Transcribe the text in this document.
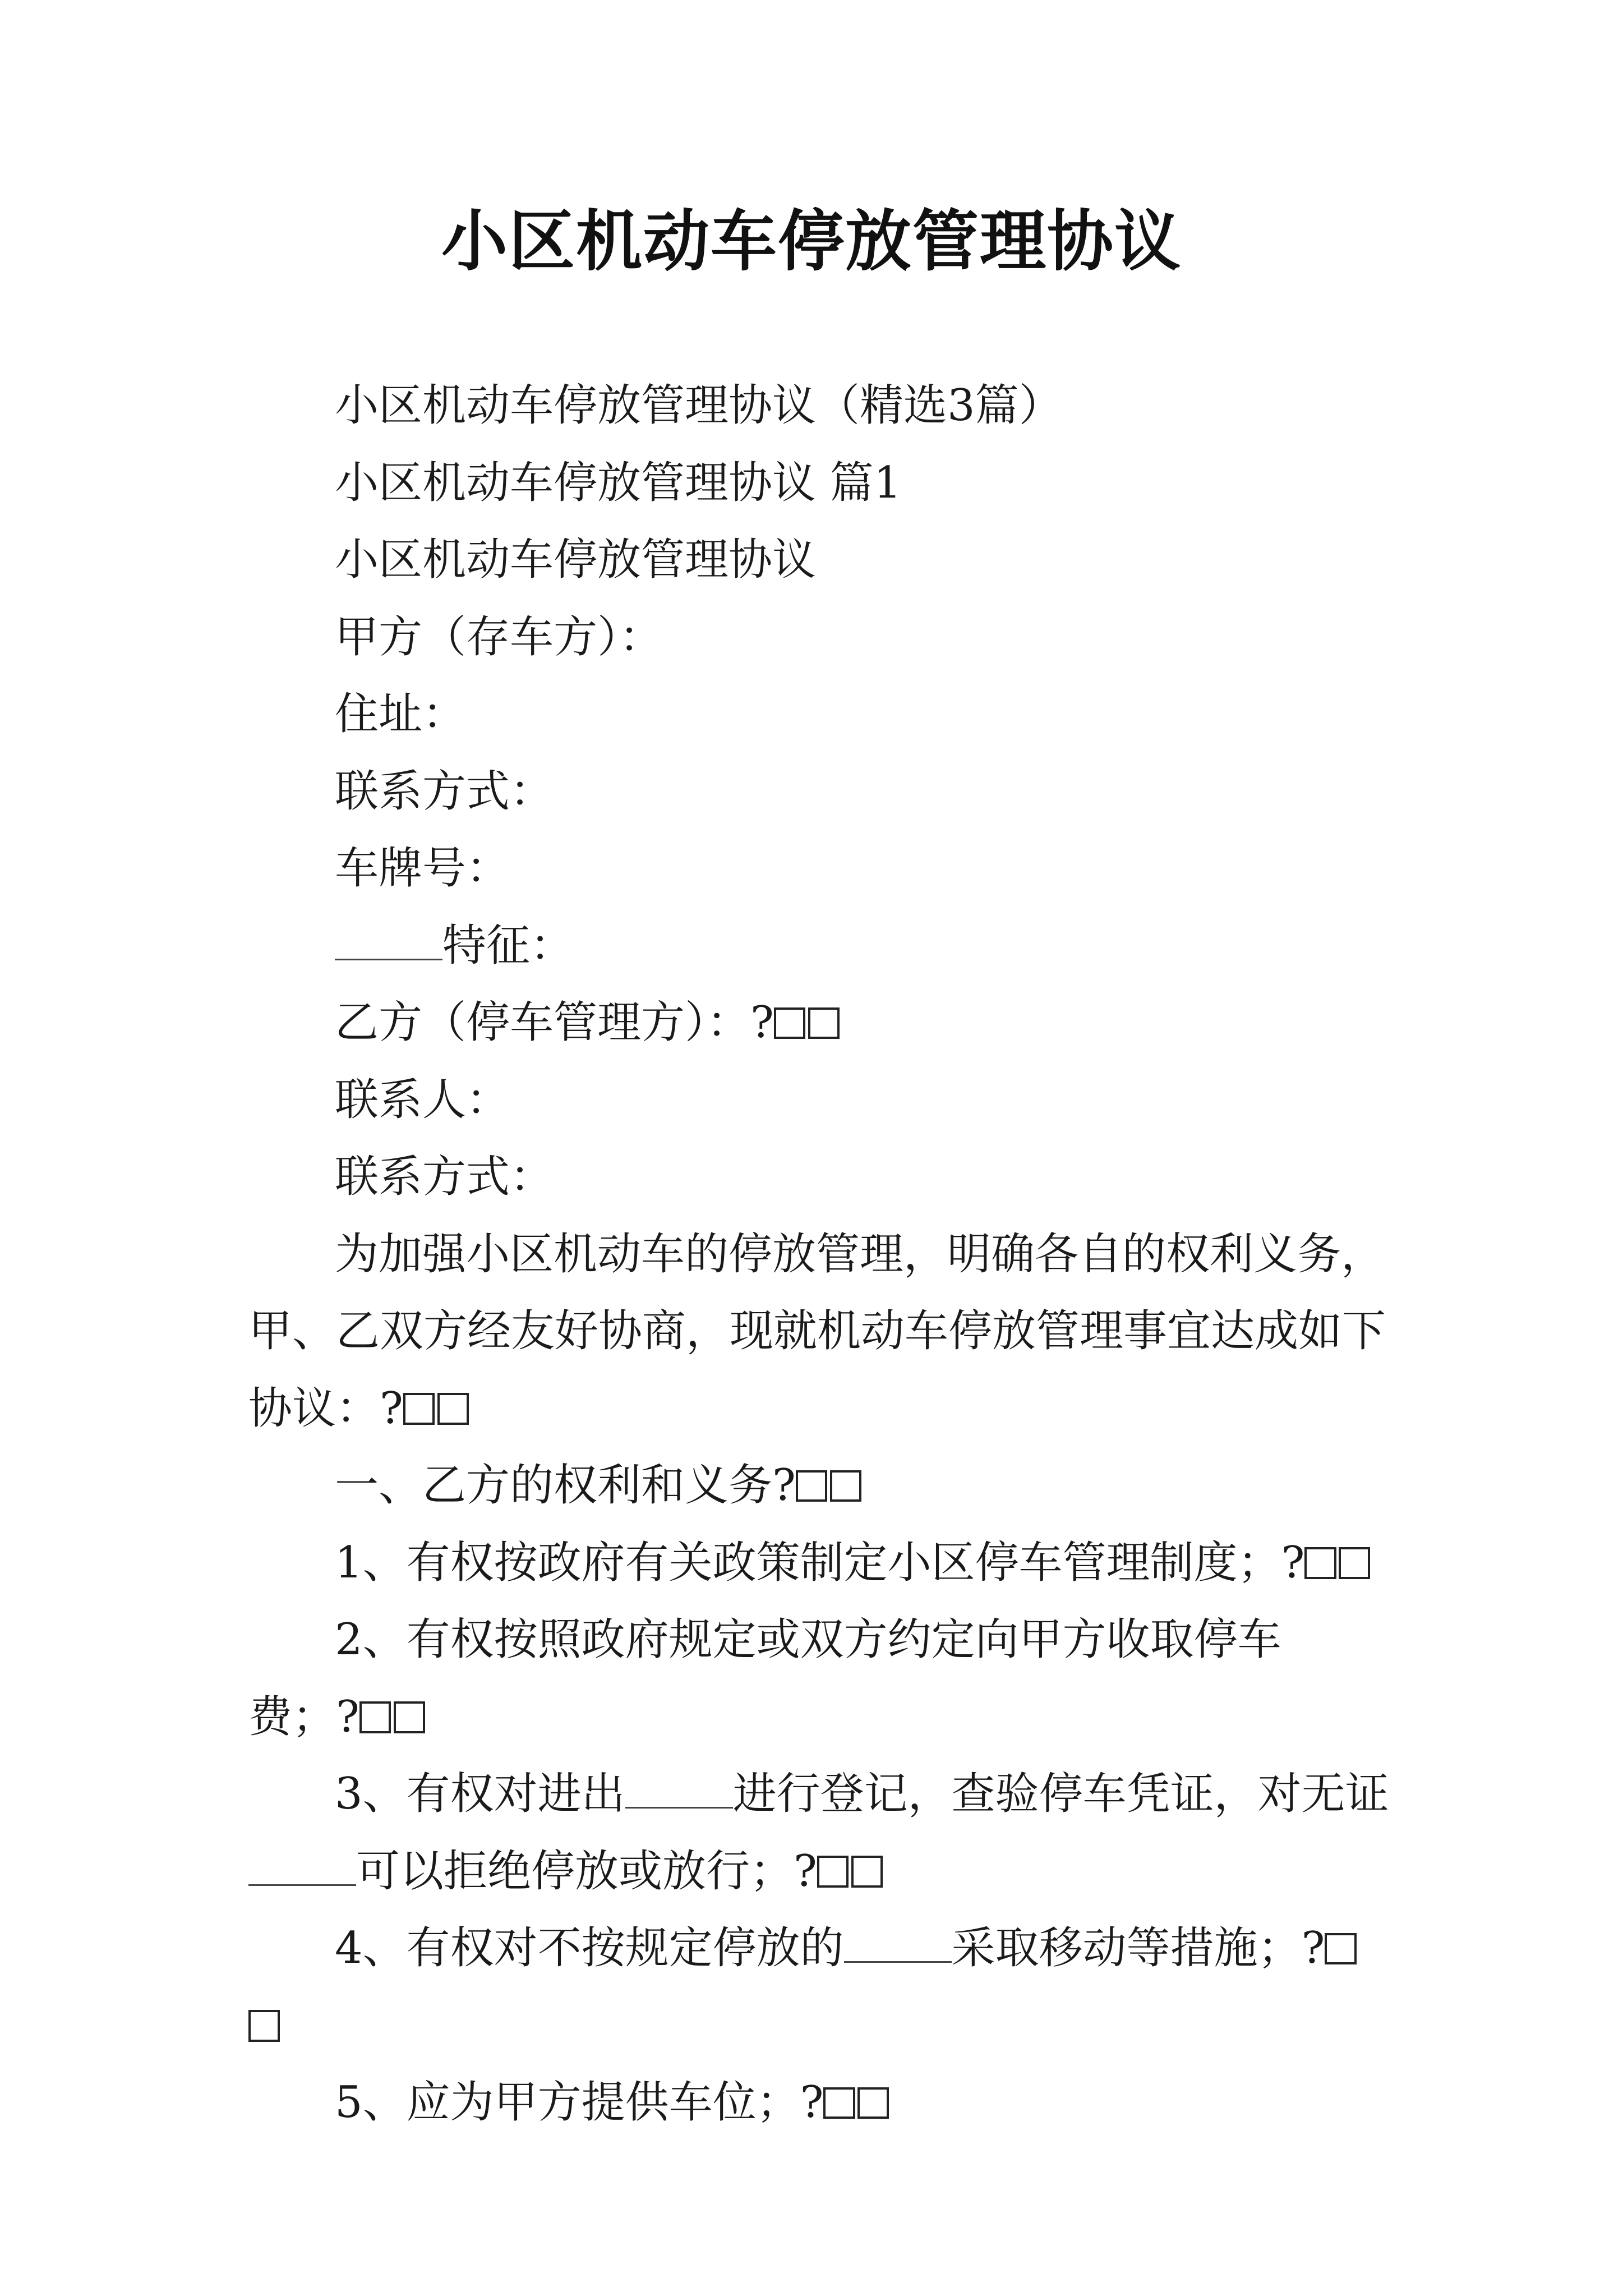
小区机动车停放管理协议

小区机动车停放管理协议（精选3篇）

小区机动车停放管理协议 篇1

小区机动车停放管理协议

甲方（存车方）：

住址：

联系方式：

车牌号：

特征：

乙方（停车管理方）：?

联系人：

联系方式：

为加强小区机动车的停放管理，明确各自的权利义务，甲、乙双方经友好协商，现就机动车停放管理事宜达成如下协议：?

一、乙方的权利和义务?

1、有权按政府有关政策制定小区停车管理制度；?

2、有权按照政府规定或双方约定向甲方收取停车费；?

3、有权对进出 进行登记，查验停车凭证，对无证可以拒绝停放或放行；?

4、有权对不按规定停放的 采取移动等措施；?

5、应为甲方提供车位；?
